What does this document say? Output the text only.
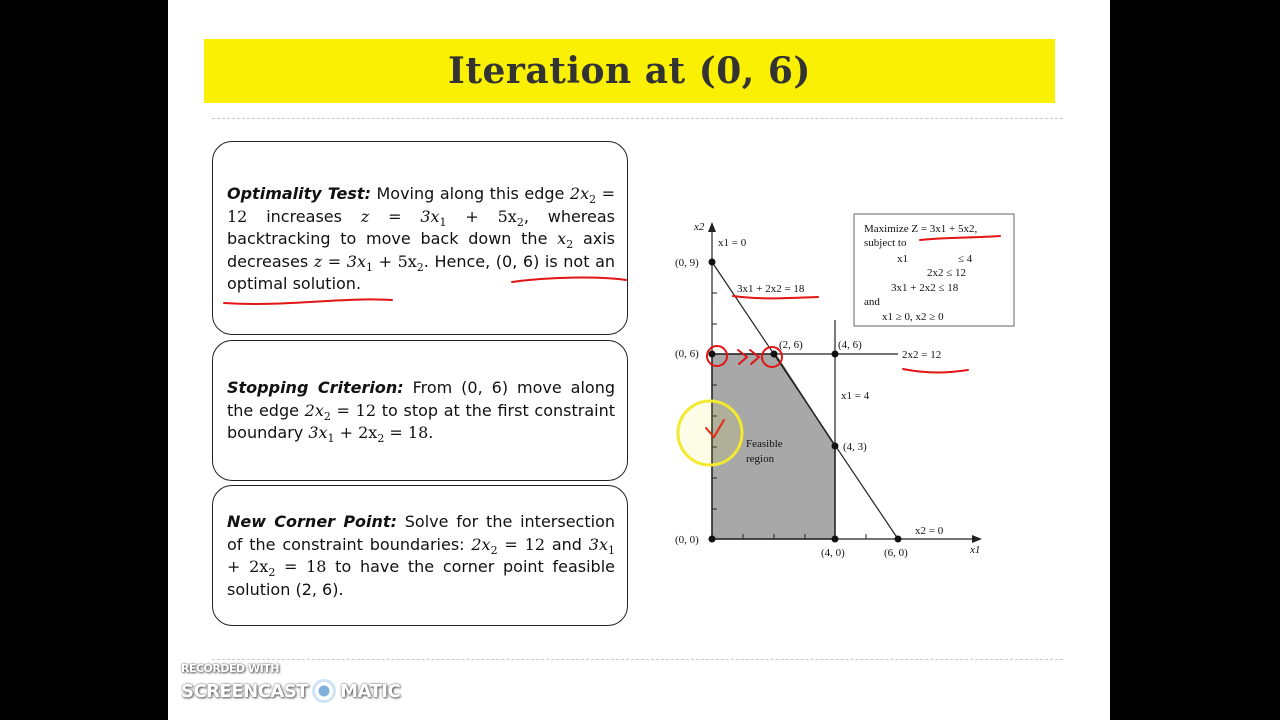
Iteration at (0, 6)

Optimality Test: Moving along this edge $2x_2 = 12$ increases $z = 3x_1 + 5x_2$, whereas backtracking to move back down the $x_2$ axis decreases $z = 3x_1 + 5x_2$. Hence, (0, 6) is not an optimal solution.

Stopping Criterion: From (0, 6) move along the edge $2x_2 = 12$ to stop at the first constraint boundary $3x_1 + 2x_2 = 18$.

New Corner Point: Solve for the intersection of the constraint boundaries: $2x_2 = 12$ and $3x_1 + 2x_2 = 18$ to have the corner point feasible solution (2, 6).

x2
x1
x1 = 0
3x1 + 2x2 = 18
2x2 = 12
x1 = 4
x2 = 0
Feasible
region
(0, 9)
(0, 6)
(2, 6)	(4, 6)
(4, 3)
(0, 0)
(4, 0)	(6, 0)
Maximize Z = 3x1 + 5x2,
subject to
x1	≤ 4
2x2 ≤ 12
3x1 + 2x2 ≤ 18
and
x1 ≥ 0, x2 ≥ 0
RECORDED WITH
SCREENCAST MATIC
